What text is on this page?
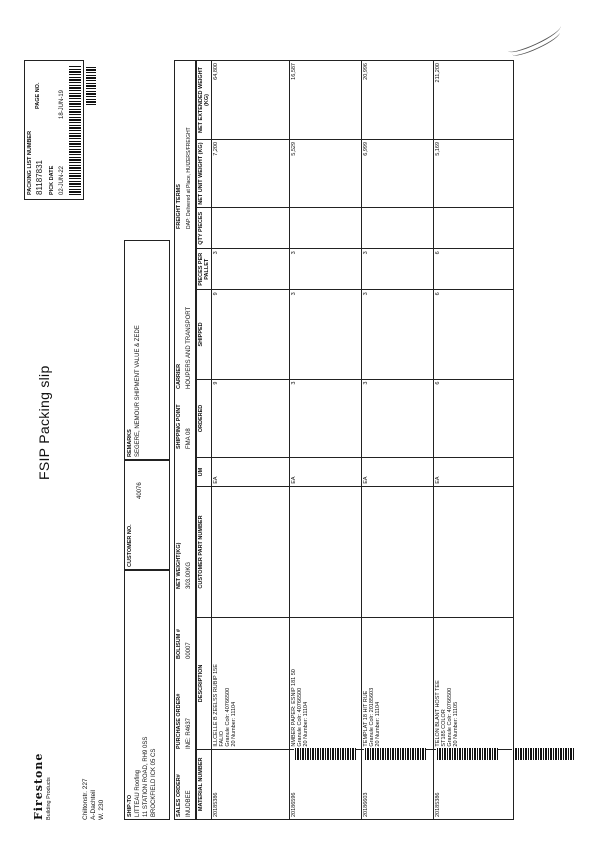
Firestone Building Products	Chiltonstr. 227 A-Dachteil W. 230
FSIP Packing slip
SHIP-TO LITTEAU Roofing 11 STATION ROAD, RH9 0SS BROCKFIELD ICK 05 CS
CUSTOMER NO.
40076
REMARKS SEGERE, NEMOUR SHIPMENT VALUE & ZEDE
PACKING LIST NUMBER 81187831
PAGE NO.
PICK DATE 02-JUN-22
18-JUN-19
SALES ORDER# INUDBEE
PURCHASE ORDER# INE: R4637
BOLISUM # 00007
NET WEIGHT(KG) 303.00KG
SHIPPING POINT FMA 08
CARRIER HOUPERS AND TRANSPORT
FREIGHT TERMS DAP: Delivered at Place, HUIZERS/FREIGHT
MATERIAL NUMBER	DESCRIPTION	CUSTOMER PART NUMBER	UM	ORDERED	SHIPPED	PIECES PER PALLET	QTY PIECES	NET UNIT WEIGHT (KG)	NET EXTENDED WEIGHT (KG)
20185386	ILLCELLE B ZEELSS RUBIP 15E FALIO Granule Colr: 40766500 20 Number: 11104		EA	9	9	3		7,200	64,800
20186596	NMBER PAPER: ESNIP 181 50 Granule Colr: 40766500 20 Number: 11104		EA	3	3	3		5,529	16,587
20186603	TEMPLAT 18 HIT RUE Granule Colr: 20185603 20 Number: 11104		EA	3	3	3		6,999	20,996
20185386	TELON BLANT HOST TEE ST185 COLOR Granule Colr: 40766500 20 Number: 11105		EA	6	6	6		5,169	211,200
